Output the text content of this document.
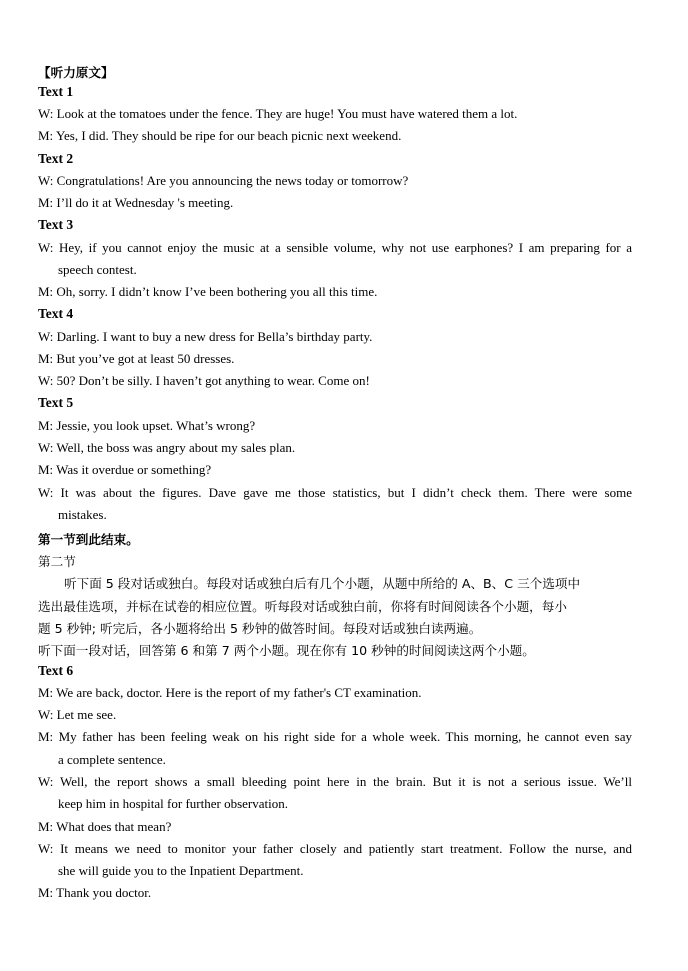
【听力原文】
Text 1
W: Look at the tomatoes under the fence. They are huge! You must have watered them a lot.
M: Yes, I did. They should be ripe for our beach picnic next weekend.
Text 2
W: Congratulations! Are you announcing the news today or tomorrow?
M: I’ll do it at Wednesday 's meeting.
Text 3
W: Hey, if you cannot enjoy the music at a sensible volume, why not use earphones? I am preparing for a
speech contest.
M: Oh, sorry. I didn’t know I’ve been bothering you all this time.
Text 4
W: Darling. I want to buy a new dress for Bella’s birthday party.
M: But you’ve got at least 50 dresses.
W: 50? Don’t be silly. I haven’t got anything to wear. Come on!
Text 5
M: Jessie, you look upset. What’s wrong?
W: Well, the boss was angry about my sales plan.
M: Was it overdue or something?
W: It was about the figures. Dave gave me those statistics, but I didn’t check them. There were some
mistakes.
第一节到此结束。
第二节
听下面 5 段对话或独白。每段对话或独白后有几个小题，从题中所给的 A、B、C 三个选项中
选出最佳选项，并标在试卷的相应位置。听每段对话或独白前，你将有时间阅读各个小题，每小
题 5 秒钟; 听完后，各小题将给出 5 秒钟的做答时间。每段对话或独白读两遍。
听下面一段对话，回答第 6 和第 7 两个小题。现在你有 10 秒钟的时间阅读这两个小题。
Text 6
M: We are back, doctor. Here is the report of my father's CT examination.
W: Let me see.
M: My father has been feeling weak on his right side for a whole week. This morning, he cannot even say
a complete sentence.
W: Well, the report shows a small bleeding point here in the brain. But it is not a serious issue. We’ll
keep him in hospital for further observation.
M: What does that mean?
W: It means we need to monitor your father closely and patiently start treatment. Follow the nurse, and
she will guide you to the Inpatient Department.
M: Thank you doctor.
